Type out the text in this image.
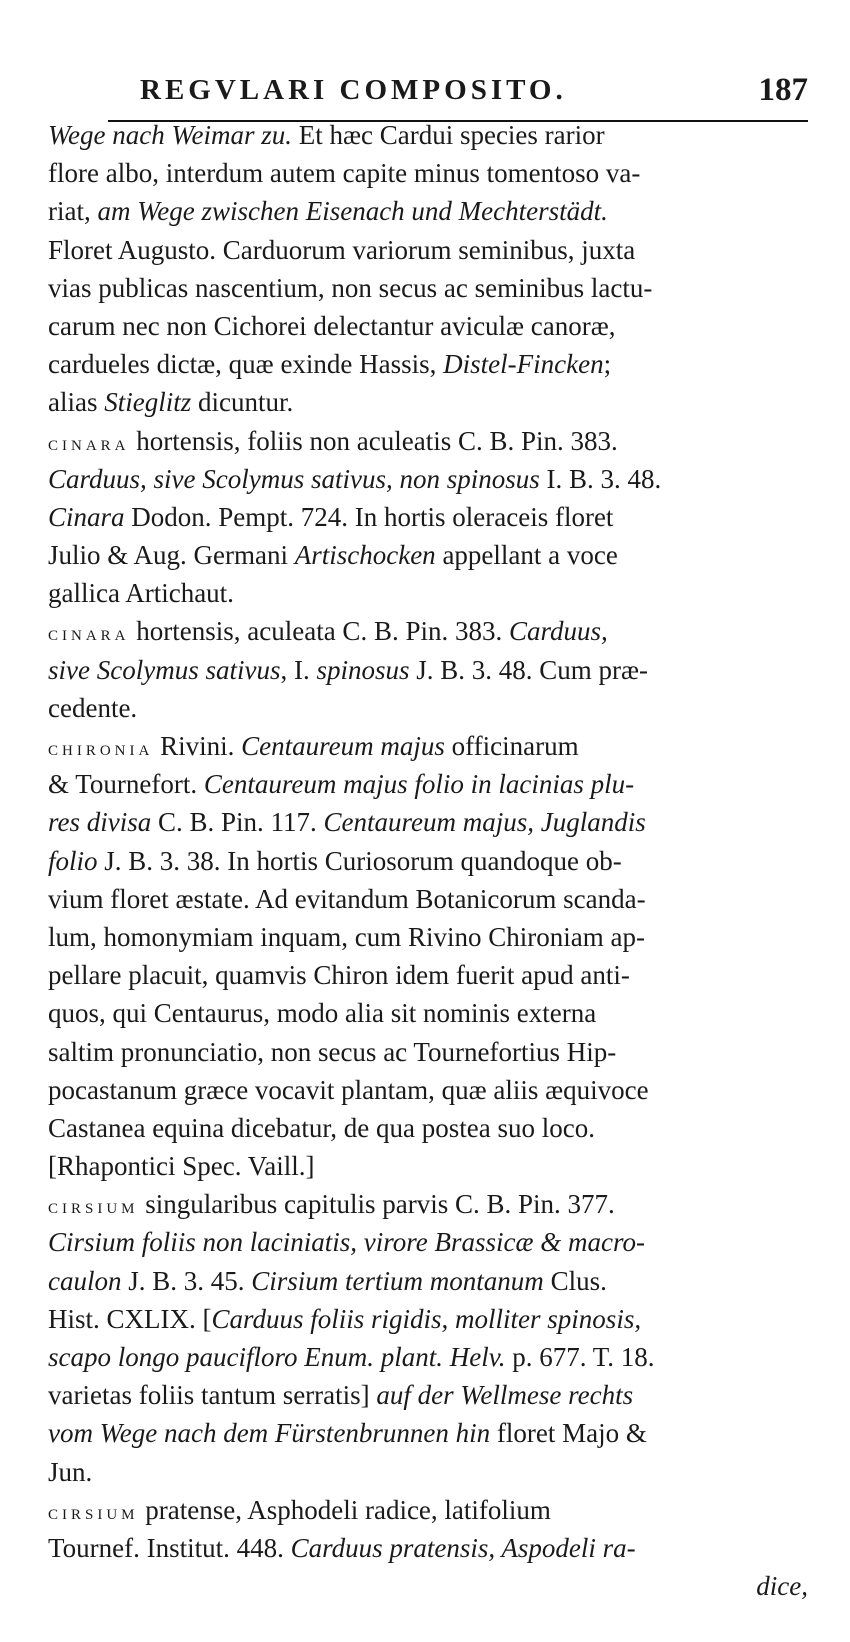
REGVLARI COMPOSITO.	187
Wege nach Weimar zu. Et hæc Cardui species rarior
flore albo, interdum autem capite minus tomentoso va-
riat, am Wege zwischen Eisenach und Mechterstädt.
Floret Augusto. Carduorum variorum seminibus, juxta
vias publicas nascentium, non secus ac seminibus lactu-
carum nec non Cichorei delectantur aviculæ canoræ,
cardueles dictæ, quæ exinde Hassis, Distel-Fincken;
alias Stieglitz dicuntur.
cinara hortensis, foliis non aculeatis C. B. Pin. 383.
Carduus, sive Scolymus sativus, non spinosus I. B. 3. 48.
Cinara Dodon. Pempt. 724. In hortis oleraceis floret
Julio & Aug. Germani Artischocken appellant a voce
gallica Artichaut.
cinara hortensis, aculeata C. B. Pin. 383. Carduus,
sive Scolymus sativus, I. spinosus J. B. 3. 48. Cum præ-
cedente.
chironia Rivini. Centaureum majus officinarum
& Tournefort. Centaureum majus folio in lacinias plu-
res divisa C. B. Pin. 117. Centaureum majus, Juglandis
folio J. B. 3. 38. In hortis Curiosorum quandoque ob-
vium floret æstate. Ad evitandum Botanicorum scanda-
lum, homonymiam inquam, cum Rivino Chironiam ap-
pellare placuit, quamvis Chiron idem fuerit apud anti-
quos, qui Centaurus, modo alia sit nominis externa
saltim pronunciatio, non secus ac Tournefortius Hip-
pocastanum græce vocavit plantam, quæ aliis æquivoce
Castanea equina dicebatur, de qua postea suo loco.
[Rhapontici Spec. Vaill.]
cirsium singularibus capitulis parvis C. B. Pin. 377.
Cirsium foliis non laciniatis, virore Brassicæ & macro-
caulon J. B. 3. 45. Cirsium tertium montanum Clus.
Hist. CXLIX. [Carduus foliis rigidis, molliter spinosis,
scapo longo paucifloro Enum. plant. Helv. p. 677. T. 18.
varietas foliis tantum serratis] auf der Wellmese rechts
vom Wege nach dem Fürstenbrunnen hin floret Majo &
Jun.
cirsium pratense, Asphodeli radice, latifolium
Tournef. Institut. 448. Carduus pratensis, Aspodeli ra-
dice,
